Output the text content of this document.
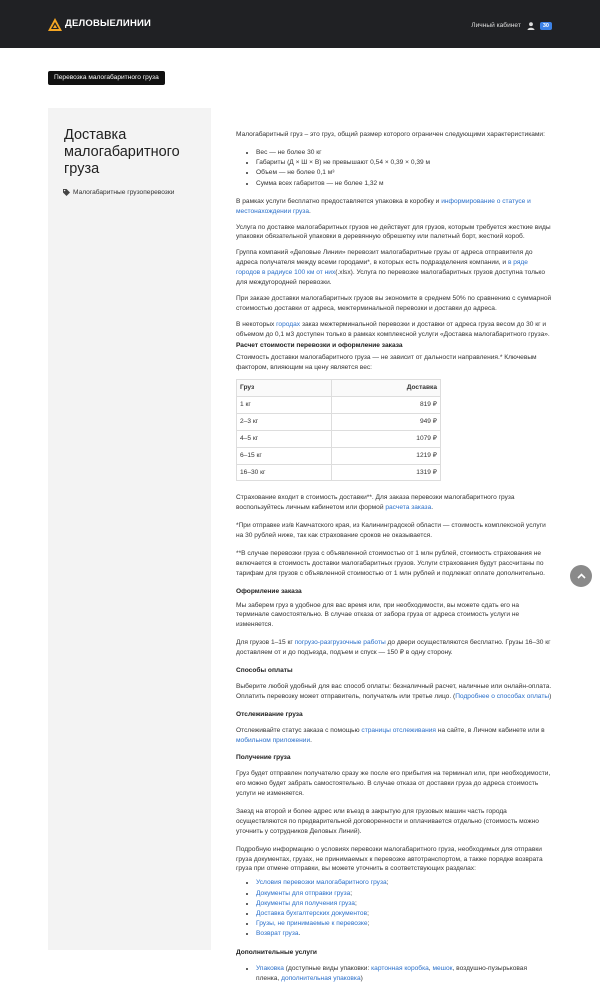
ДЕЛОВЫЕЛИНИИ	Личный кабинет	30
Перевозка малогабаритного груза
Доставка малогабаритного груза
Малогабаритные грузоперевозки

Малогабаритный груз – это груз, общий размер которого ограничен следующими характеристиками:

• Вес — не более 30 кг
• Габариты (Д × Ш × В) не превышают 0,54 × 0,39 × 0,39 м
• Объем — не более 0,1 м³
• Сумма всех габаритов — не более 1,32 м

В рамках услуги бесплатно предоставляется упаковка в коробку и информирование о статусе и местонахождении груза.

Услуга по доставке малогабаритных грузов не действует для грузов, которым требуется жесткие виды упаковки обязательной упаковки в деревянную обрешетку или палетный борт, жесткий короб.

Группа компаний «Деловые Линии» перевозит малогабаритные грузы от адреса отправителя до адреса получателя между всеми городами*, в которых есть подразделения компании, и в ряде городов в радиусе 100 км от них(.xlsx). Услуга по перевозке малогабаритных грузов доступна только для междугородней перевозки.

При заказе доставки малогабаритных грузов вы экономите в среднем 50% по сравнению с суммарной стоимостью доставки от адреса, межтерминальной перевозки и доставки до адреса.

В некоторых городах заказ межтерминальной перевозки и доставки от адреса груза весом до 30 кг и объемом до 0,1 м3 доступен только в рамках комплексной услуги «Доставка малогабаритного груза».

Расчет стоимости перевозки и оформление заказа

Стоимость доставки малогабаритного груза — не зависит от дальности направления.* Ключевым фактором, влияющим на цену является вес:

Груз	Доставка
1 кг	819 ₽
2–3 кг	949 ₽
4–5 кг	1079 ₽
6–15 кг	1219 ₽
16–30 кг	1319 ₽

Страхование входит в стоимость доставки**. Для заказа перевозки малогабаритного груза воспользуйтесь личным кабинетом или формой расчета заказа.

*При отправке из/в Камчатского края, из Калининградской области — стоимость комплексной услуги на 30 рублей ниже, так как страхование сроков не оказывается.

**В случае перевозки груза с объявленной стоимостью от 1 млн рублей, стоимость страхования не включается в стоимость доставки малогабаритных грузов. Услуги страхования будут рассчитаны по тарифам для грузов с объявленной стоимостью от 1 млн рублей и подлежат оплате дополнительно.

Оформление заказа

Мы заберем груз в удобное для вас время или, при необходимости, вы можете сдать его на терминале самостоятельно. В случае отказа от забора груза от адреса стоимость услуги не изменяется.

Для грузов 1–15 кг погрузо-разгрузочные работы до двери осуществляются бесплатно. Грузы 16–30 кг доставляем от и до подъезда, подъем и спуск — 150 ₽ в одну сторону.

Способы оплаты

Выберите любой удобный для вас способ оплаты: безналичный расчет, наличные или онлайн-оплата. Оплатить перевозку может отправитель, получатель или третье лицо. (Подробнее о способах оплаты)

Отслеживание груза

Отслеживайте статус заказа с помощью страницы отслеживания на сайте, в Личном кабинете или в мобильном приложении.

Получение груза

Груз будет отправлен получателю сразу же после его прибытия на терминал или, при необходимости, его можно будет забрать самостоятельно. В случае отказа от доставки груза до адреса стоимость услуги не изменяется.

Заезд на второй и более адрес или въезд в закрытую для грузовых машин часть города осуществляются по предварительной договоренности и оплачивается отдельно (стоимость можно уточнить у сотрудников Деловых Линий).

Подробную информацию о условиях перевозки малогабаритного груза, необходимых для отправки груза документах, грузах, не принимаемых к перевозке автотранспортом, а также порядке возврата груза при отмене отправки, вы можете уточнить в соответствующих разделах:

• Условия перевозки малогабаритного груза;
• Документы для отправки груза;
• Документы для получения груза;
• Доставка бухгалтерских документов;
• Грузы, не принимаемые к перевозке;
• Возврат груза.
Дополнительные услуги
• Упаковка (доступные виды упаковки: картонная коробка, мешок, воздушно-пузырьковая пленка, дополнительная упаковка)
